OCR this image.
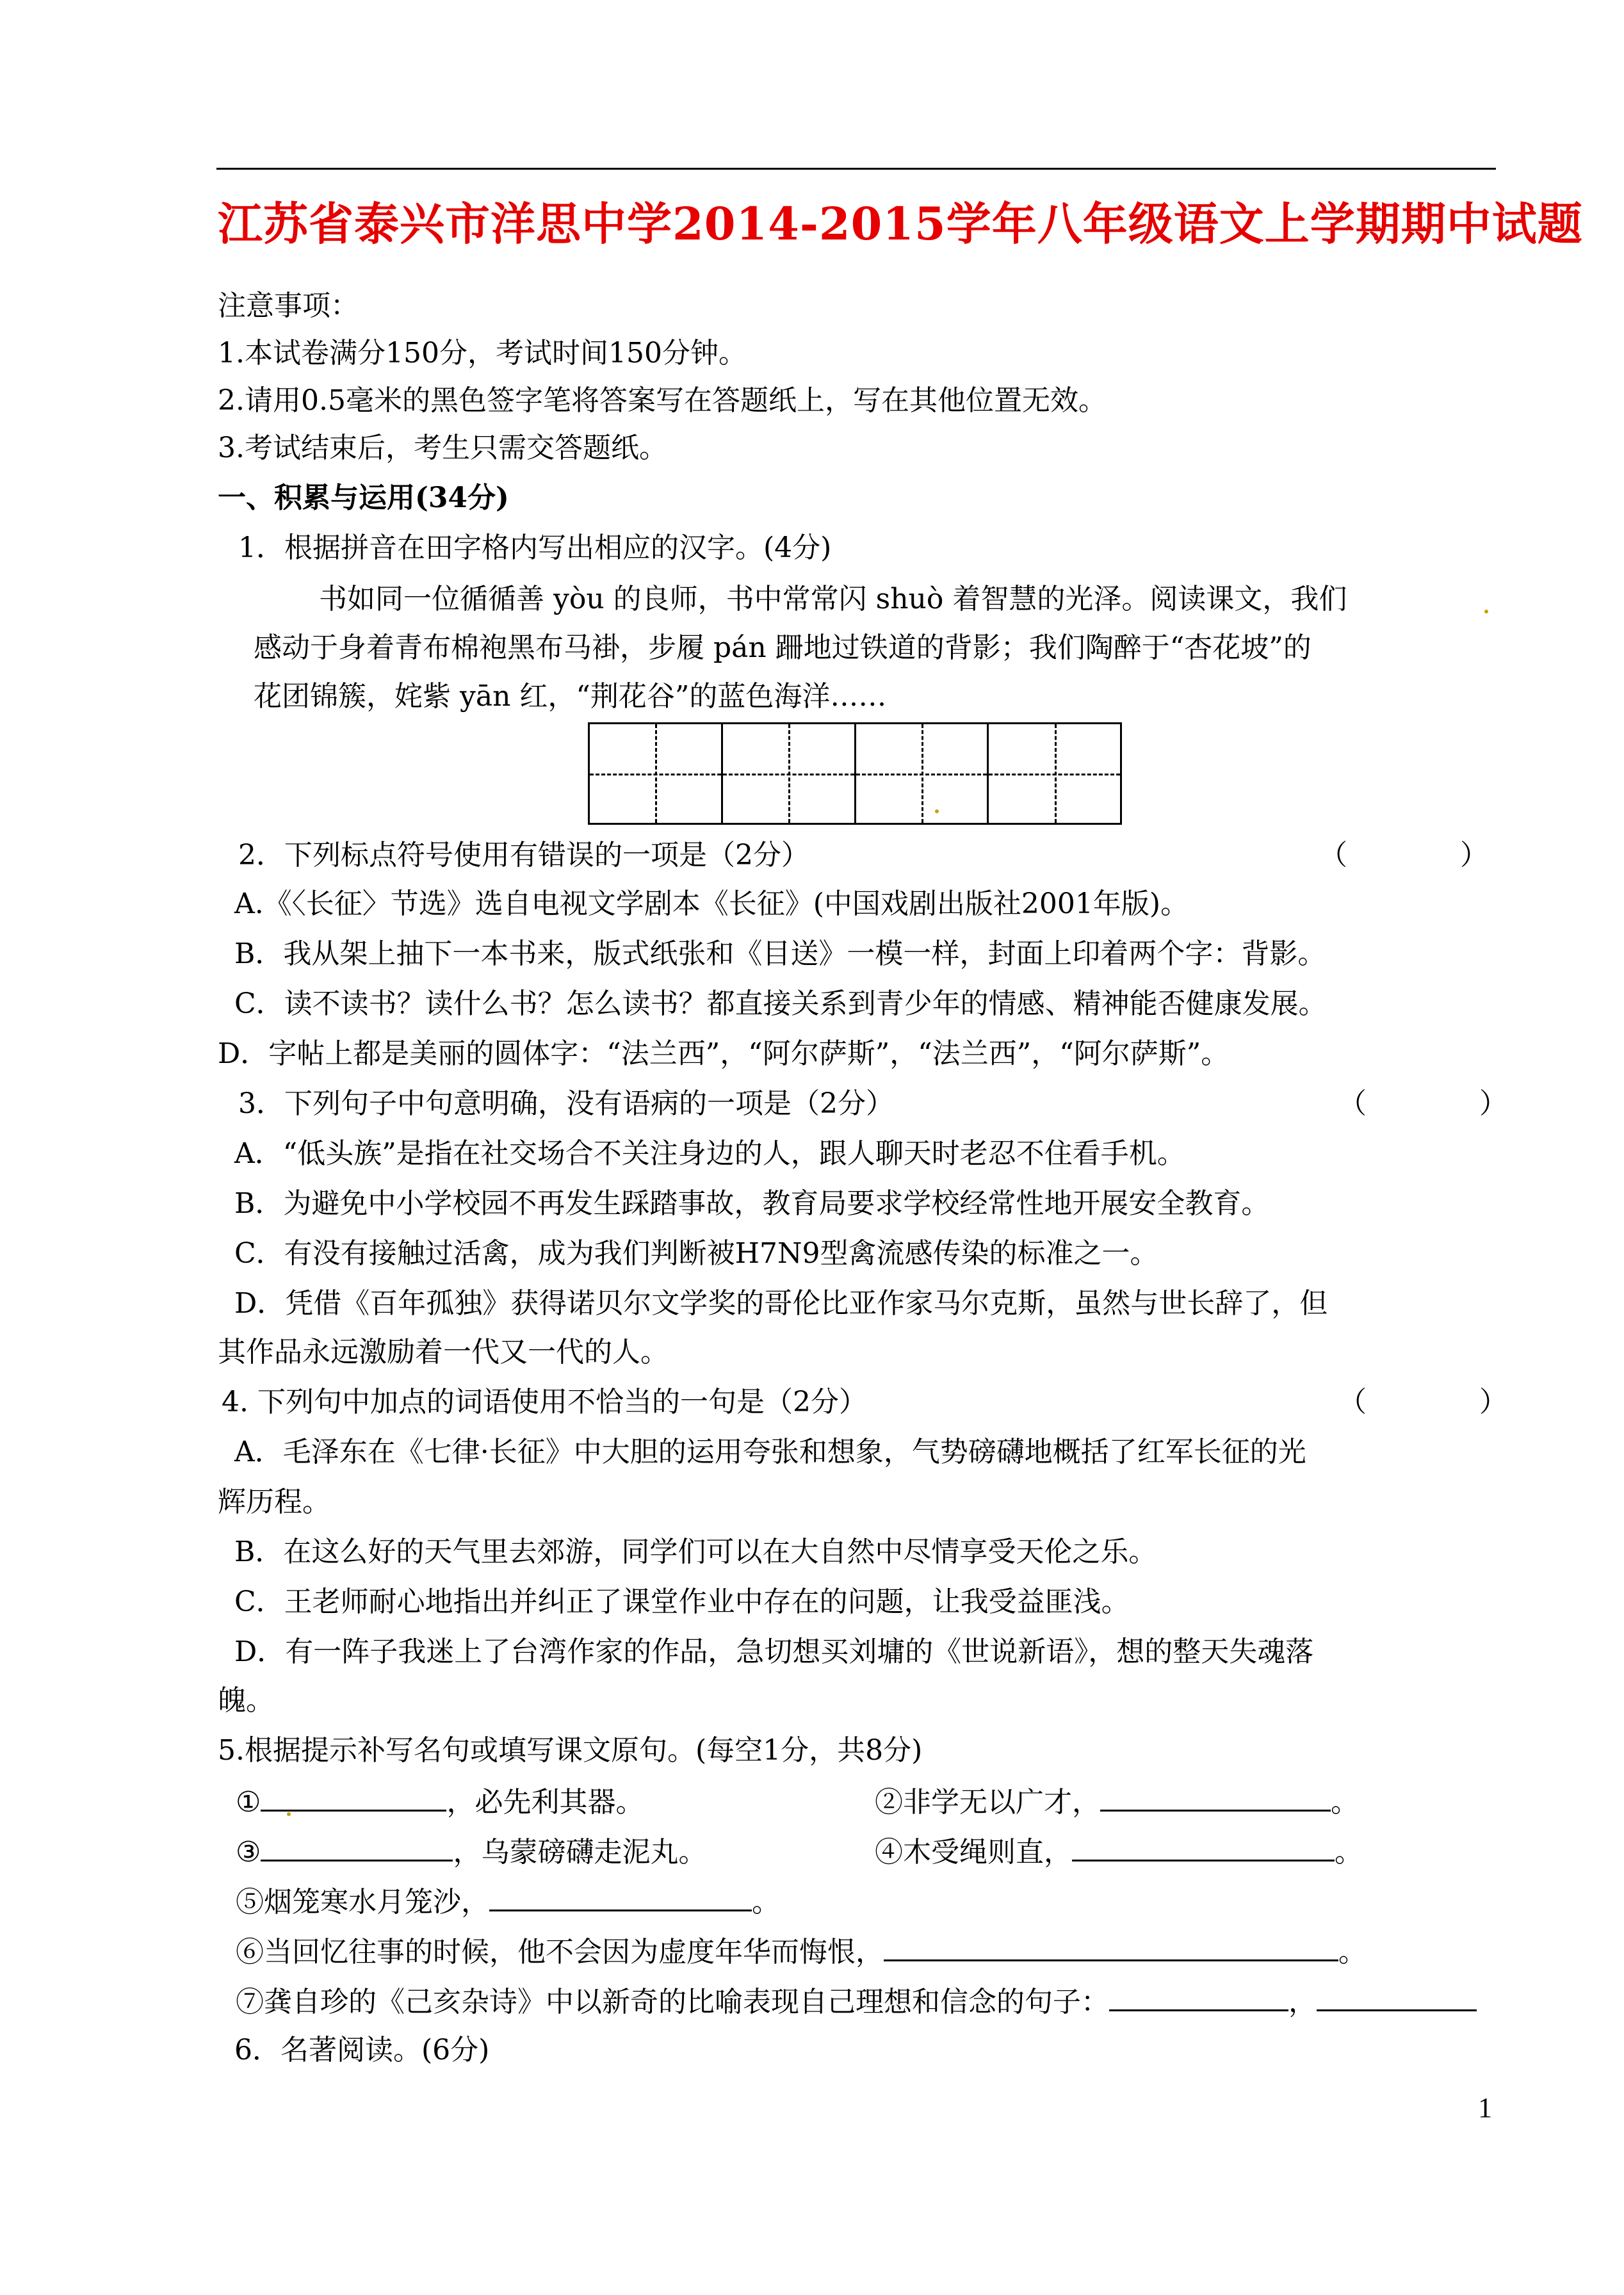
江苏省泰兴市洋思中学2014-2015学年八年级语文上学期期中试题
注意事项：
1.本试卷满分150分，考试时间150分钟。
2.请用0.5毫米的黑色签字笔将答案写在答题纸上，写在其他位置无效。
3.考试结束后，考生只需交答题纸。
一、积累与运用(34分)
1．根据拼音在田字格内写出相应的汉字。(4分)
书如同一位循循善 yòu 的良师，书中常常闪 shuò 着智慧的光泽。阅读课文，我们
感动于身着青布棉袍黑布马褂，步履 pán 跚地过铁道的背影；我们陶醉于“杏花坡”的
花团锦簇，姹紫 yān 红，“荆花谷”的蓝色海洋……
2．下列标点符号使用有错误的一项是（2分）	（　　　　）
A.《〈长征〉节选》选自电视文学剧本《长征》(中国戏剧出版社2001年版)。
B．我从架上抽下一本书来，版式纸张和《目送》一模一样，封面上印着两个字：背影。
C．读不读书？读什么书？怎么读书？都直接关系到青少年的情感、精神能否健康发展。
D．字帖上都是美丽的圆体字：“法兰西”，“阿尔萨斯”，“法兰西”，“阿尔萨斯”。
3．下列句子中句意明确，没有语病的一项是（2分）	（　　　　）
A．“低头族”是指在社交场合不关注身边的人，跟人聊天时老忍不住看手机。
B．为避免中小学校园不再发生踩踏事故，教育局要求学校经常性地开展安全教育。
C．有没有接触过活禽，成为我们判断被H7N9型禽流感传染的标准之一。
D．凭借《百年孤独》获得诺贝尔文学奖的哥伦比亚作家马尔克斯，虽然与世长辞了，但
其作品永远激励着一代又一代的人。
4. 下列句中加点的词语使用不恰当的一句是（2分）	（　　　　）
A．毛泽东在《七律·长征》中大胆的运用夸张和想象，气势磅礴地概括了红军长征的光
辉历程。
B．在这么好的天气里去郊游，同学们可以在大自然中尽情享受天伦之乐。
C．王老师耐心地指出并纠正了课堂作业中存在的问题，让我受益匪浅。
D．有一阵子我迷上了台湾作家的作品，急切想买刘墉的《世说新语》，想的整天失魂落
魄。
5.根据提示补写名句或填写课文原句。(每空1分，共8分)
①	，必先利其器。	②非学无以广才，	。
③	，乌蒙磅礴走泥丸。	④木受绳则直，	。
⑤烟笼寒水月笼沙，	。
⑥当回忆往事的时候，他不会因为虚度年华而悔恨，	。
⑦龚自珍的《己亥杂诗》中以新奇的比喻表现自己理想和信念的句子：	，
6．名著阅读。(6分)
1
